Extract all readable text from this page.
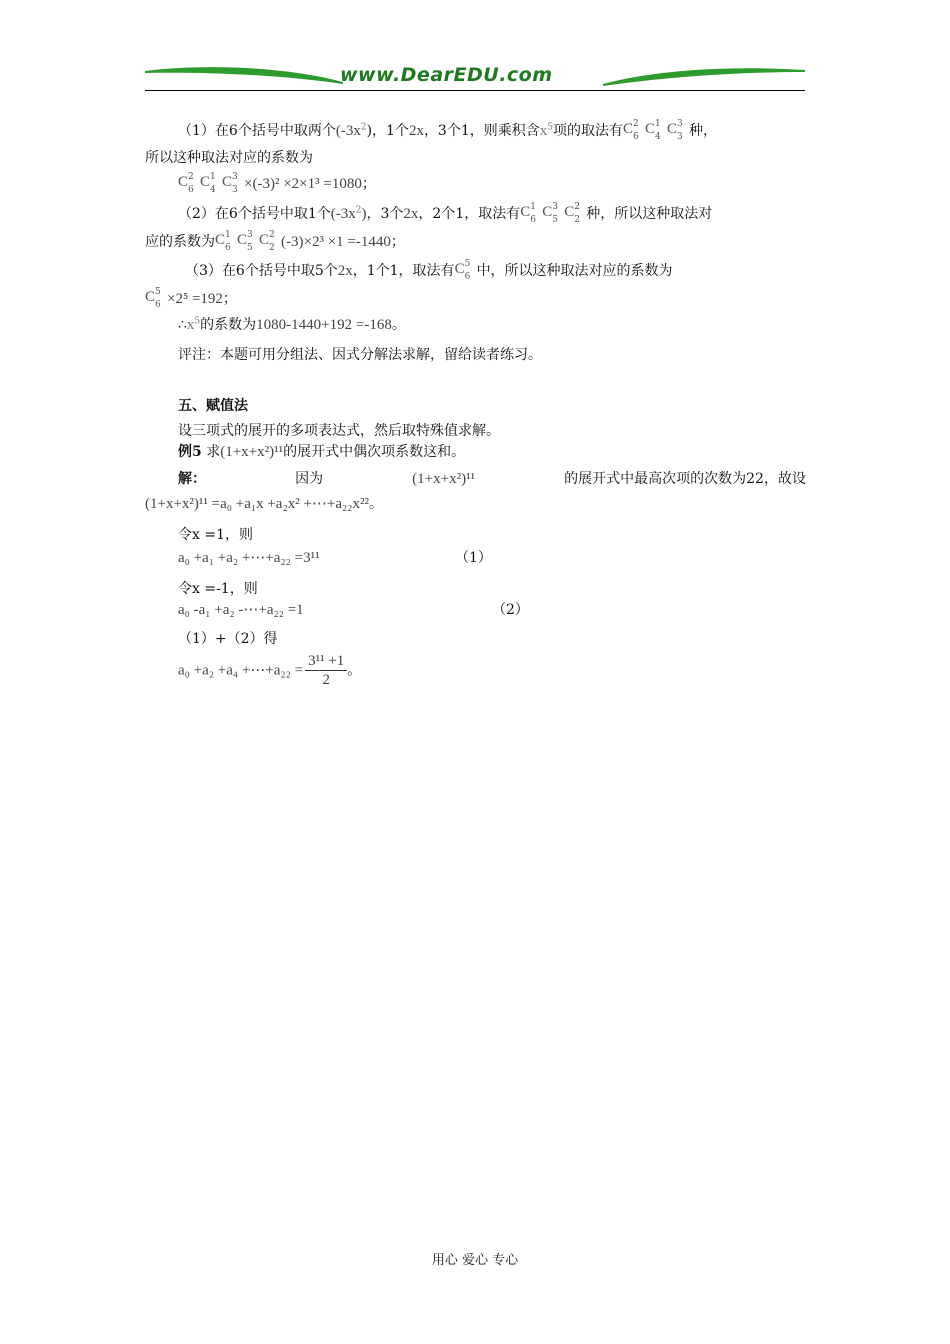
www.DearEDU.com
（1）在6个括号中取两个$(-3x^2)$，1个2x，3个1，则乘积含$x^5$项的取法有 C 2
6 C 1
4 C 3
3 种，
所以这种取法对应的系数为
C 2
6 C 1
4 C 3
3 ×(-3)² ×2×1³ =1080；
（2）在6个括号中取1个$(-3x^2)$，3个2x，2个1，取法有 C 1
6 C 3
5 C 2
2 种，所以这种取法对
应的系数为 C 1
6 C 3
5 C 2
2 (-3)×2³ ×1 =-1440；
（3）在6个括号中取5个2x，1个1，取法有 C 5
6 中，所以这种取法对应的系数为
C 5
6 ×2⁵ =192；
$\therefore x^5$的系数为1080-1440+192 =-168。
评注：本题可用分组法、因式分解法求解，留给读者练习。
五、赋值法
设三项式的展开的多项表达式，然后取特殊值求解。
例5 求(1+x+x²)¹¹的展开式中偶次项系数这和。
解：	因为	(1+x+x²)¹¹	的展开式中最高次项的次数为22，故设
(1+x+x²)¹¹ =a₀ +a₁x +a₂x² +⋯+a₂₂x²²。
令x =1，则
a₀ +a₁ +a₂ +⋯+a₂₂ =3¹¹	（1）
令x =-1，则
a₀ -a₁ +a₂ -⋯+a₂₂ =1	（2）
（1）+（2）得
a₀ +a₂ +a₄ +⋯+a₂₂ = $\frac{\text{3¹¹ +1}}{2}$ 。
用心 爱心 专心
